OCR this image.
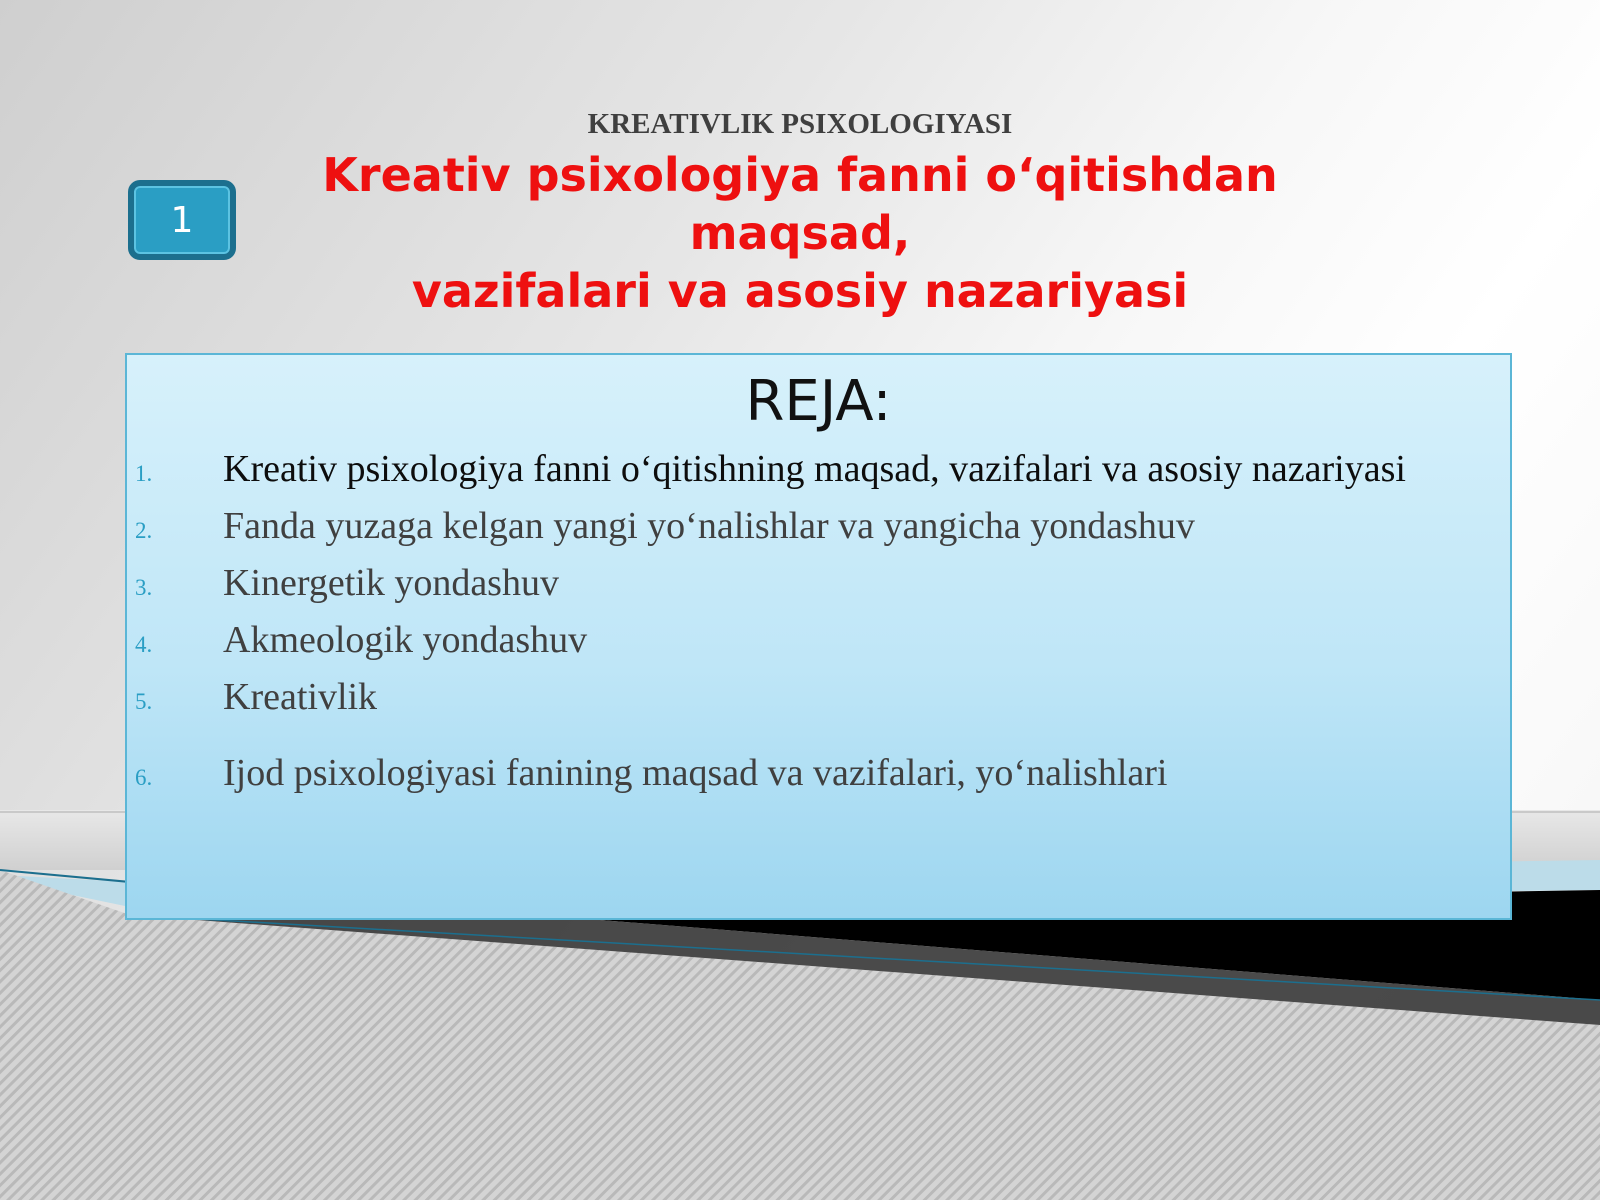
1
KREATIVLIK PSIXOLOGIYASI
Kreativ psixologiya fanni o‘qitishdan maqsad,
vazifalari va asosiy nazariyasi
REJA:
1. Kreativ psixologiya fanni o‘qitishning maqsad, vazifalari va asosiy nazariyasi
2. Fanda yuzaga kelgan yangi yo‘nalishlar va yangicha yondashuv
3. Kinergetik yondashuv
4. Akmeologik yondashuv
5. Kreativlik
6. Ijod psixologiyasi fanining maqsad va vazifalari, yo‘nalishlari
